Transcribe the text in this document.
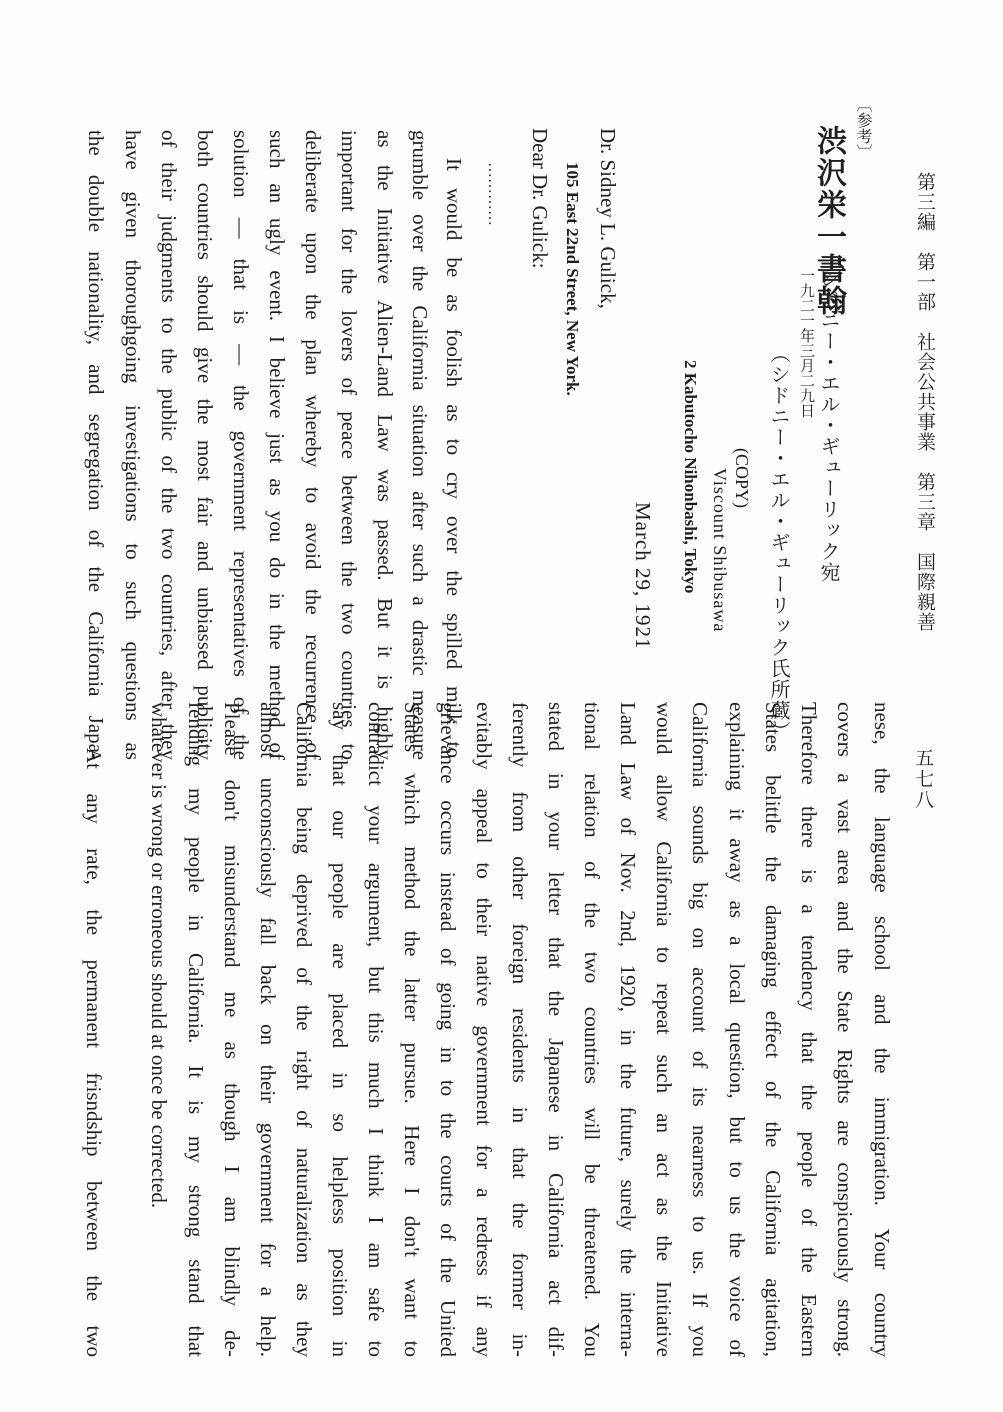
第三編　第一部　社会公共事業　第三章　国際親善
五七八
〔参考〕
渋沢栄一書翰
シドニー・エル・ギューリック宛
一九二一年三月二九日
（シドニー・エル・ギューリック氏所蔵）
(COPY)
Viscount Shibusawa
2 Kabutocho Nihonbashi, Tokyo
March 29, 1921
Dr. Sidney L. Gulick,
105 East 22nd Street, New York.
Dear Dr. Gulick:
…………
It would be as foolish as to cry over the spilled milk to
grumble over the California situation after such a drastic measure
as the Initiative Alien-Land Law was passed. But it is highly
important for the lovers of peace between the two countries to
deliberate upon the plan whereby to avoid the recurrence of
such an ugly event. I believe just as you do in the method of
solution — that is — the government representatives of the
both countries should give the most fair and unbiassed publicity
of their judgments to the public of the two countries, after they
have given thoroughgoing investigations to such questions as
the double nationality, and segregation of the California Japa-
nese, the language school and the immigration. Your country
covers a vast area and the State Rights are conspicuously strong.
Therefore there is a tendency that the people of the Eastern
States belittle the damaging effect of the California agitation,
explaining it away as a local question, but to us the voice of
California sounds big on account of its nearness to us. If you
would allow California to repeat such an act as the Initiative
Land Law of Nov. 2nd, 1920, in the future, surely the interna-
tional relation of the two countries will be threatened. You
stated in your letter that the Japanese in California act dif-
ferently from other foreign residents in that the former in-
evitably appeal to their native government for a redress if any
grievance occurs instead of going in to the courts of the United
States which method the latter pursue. Here I don't want to
contradict your argument, but this much I think I am safe to
say that our people are placed in so helpless position in
California being deprived of the right of naturalization as they
almost unconsciously fall back on their government for a help.
Please don't misunderstand me as though I am blindly de-
fending my people in California. It is my strong stand that
whatever is wrong or erroneous should at once be corrected.
At any rate, the permanent frisndship between the two
